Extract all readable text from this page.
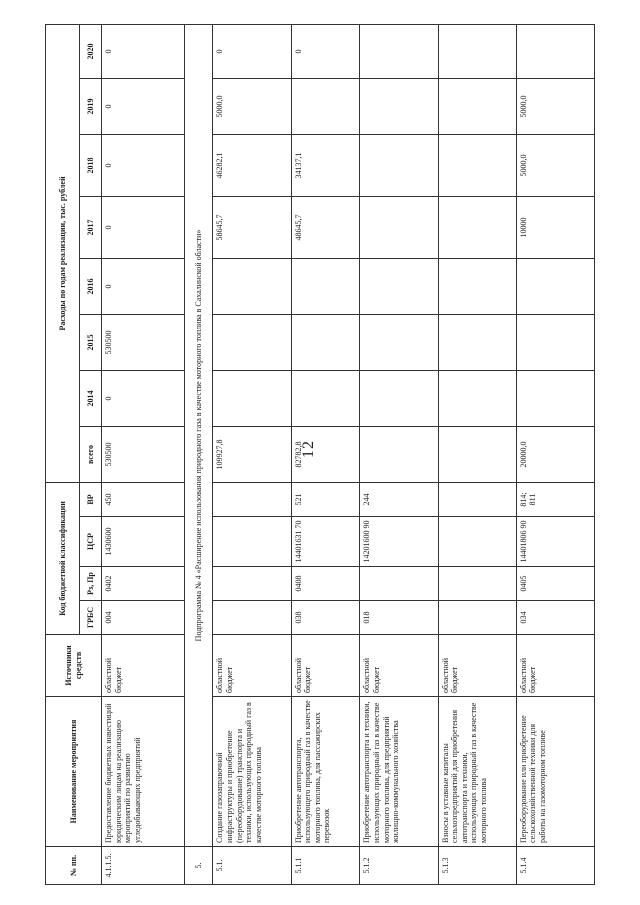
12
№ пп.	Наименование мероприятия	Источники средств	Код бюджетной классификации				Расходы по годам реализации, тыс. рублей							
			ГРБС	Рз, Пр	ЦСР	ВР	всего	2014	2015	2016	2017	2018	2019	2020
4.1.1.5.	Предоставление бюджетных инвестиций юридическим лицам на реализацию мероприятий по развитию угледобывающих предприятий	областной бюджет	004	0402	1430600	450	530500	0	530500	0	0	0	0	0
5.	Подпрограмма № 4 «Расширение использования природного газа в качестве моторного топлива в Сахалинской области»													
5.1.	Создание газозаправочной инфраструктуры и приобретение (переоборудование) транспорта и техники, использующих природный газ в качестве моторного топлива	областной бюджет					109927,8				58645,7	46282,1	5000,0	0
5.1.1	Приобретение автотранспорта, использующего природный газ в качестве моторного топлива, для пассажирских перевозок	областной бюджет	038	0408	14401631 70	521	82782,8				48645,7	34137,1		0
5.1.2	Приобретение автотранспорта и техники, использующих природный газ в качестве моторного топлива, для предприятий жилищно-коммунального хозяйства	областной бюджет	018		14201600 90	244								
5.1.3	Взносы в уставные капиталы сельхозпредприятий для приобретения автотранспорта и техники, использующих природный газ в качестве моторного топлива	областной бюджет												
5.1.4	Переоборудование или приобретение сельскохозяйственной техники для работы на газомоторном топливе	областной бюджет	034	0405	14401806 90	814; 811	20000,0				10000	5000,0	5000,0	
